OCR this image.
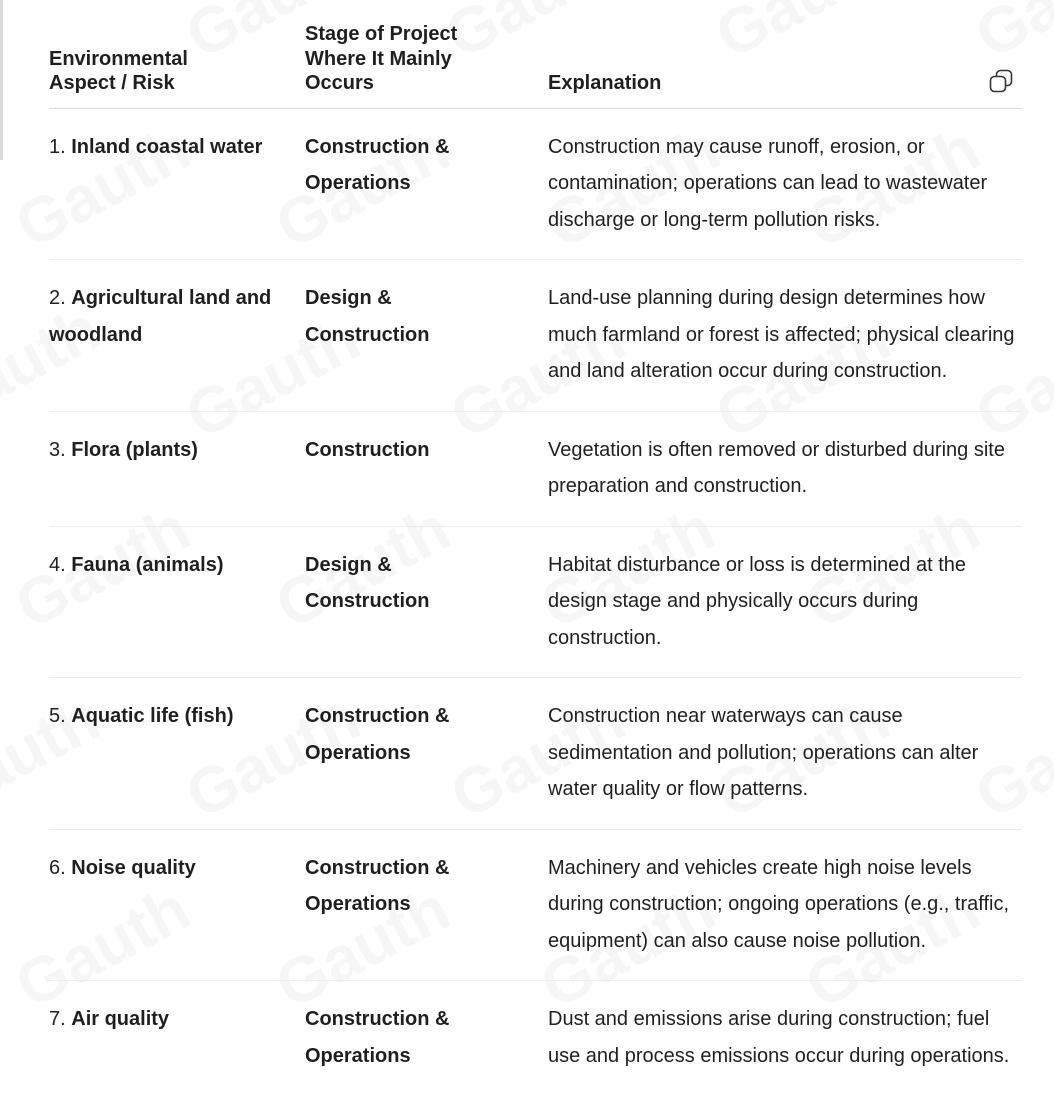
Environmental Aspect / Risk	Stage of Project Where It Mainly Occurs	Explanation

1. Inland coastal water	Construction & Operations	Construction may cause runoff, erosion, or contamination; operations can lead to wastewater discharge or long-term pollution risks.
2. Agricultural land and woodland	Design & Construction	Land-use planning during design determines how much farmland or forest is affected; physical clearing and land alteration occur during construction.
3. Flora (plants)	Construction	Vegetation is often removed or disturbed during site preparation and construction.
4. Fauna (animals)	Design & Construction	Habitat disturbance or loss is determined at the design stage and physically occurs during construction.
5. Aquatic life (fish)	Construction & Operations	Construction near waterways can cause sedimentation and pollution; operations can alter water quality or flow patterns.
6. Noise quality	Construction & Operations	Machinery and vehicles create high noise levels during construction; ongoing operations (e.g., traffic, equipment) can also cause noise pollution.
7. Air quality	Construction & Operations	Dust and emissions arise during construction; fuel use and process emissions occur during operations.
